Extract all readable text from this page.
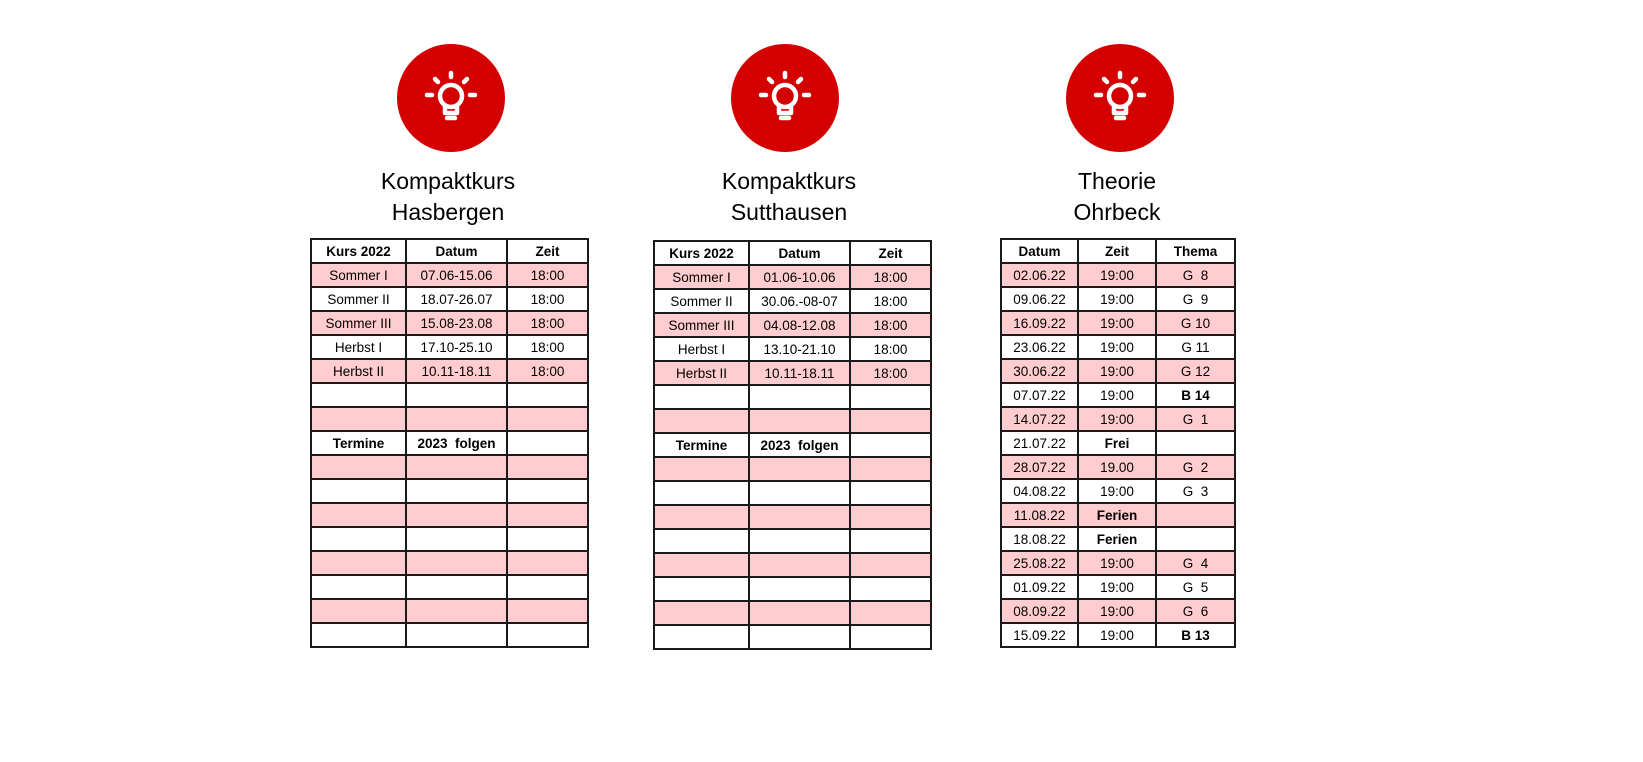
Kompaktkurs
Hasbergen
Kurs 2022	Datum	Zeit
Sommer I	07.06-15.06	18:00
Sommer II	18.07-26.07	18:00
Sommer III	15.08-23.08	18:00
Herbst I	17.10-25.10	18:00
Herbst II	10.11-18.11	18:00

Termine	2023  folgen	

Kompaktkurs
Sutthausen
Kurs 2022	Datum	Zeit
Sommer I	01.06-10.06	18:00
Sommer II	30.06.-08-07	18:00
Sommer III	04.08-12.08	18:00
Herbst I	13.10-21.10	18:00
Herbst II	10.11-18.11	18:00

Termine	2023  folgen	

Theorie
Ohrbeck
Datum	Zeit	Thema
02.06.22	19:00	G  8
09.06.22	19:00	G  9
16.09.22	19:00	G 10
23.06.22	19:00	G 11
30.06.22	19:00	G 12
07.07.22	19:00	B 14
14.07.22	19:00	G  1
21.07.22	Frei	
28.07.22	19.00	G  2
04.08.22	19:00	G  3
11.08.22	Ferien	
18.08.22	Ferien	
25.08.22	19:00	G  4
01.09.22	19:00	G  5
08.09.22	19:00	G  6
15.09.22	19:00	B 13
